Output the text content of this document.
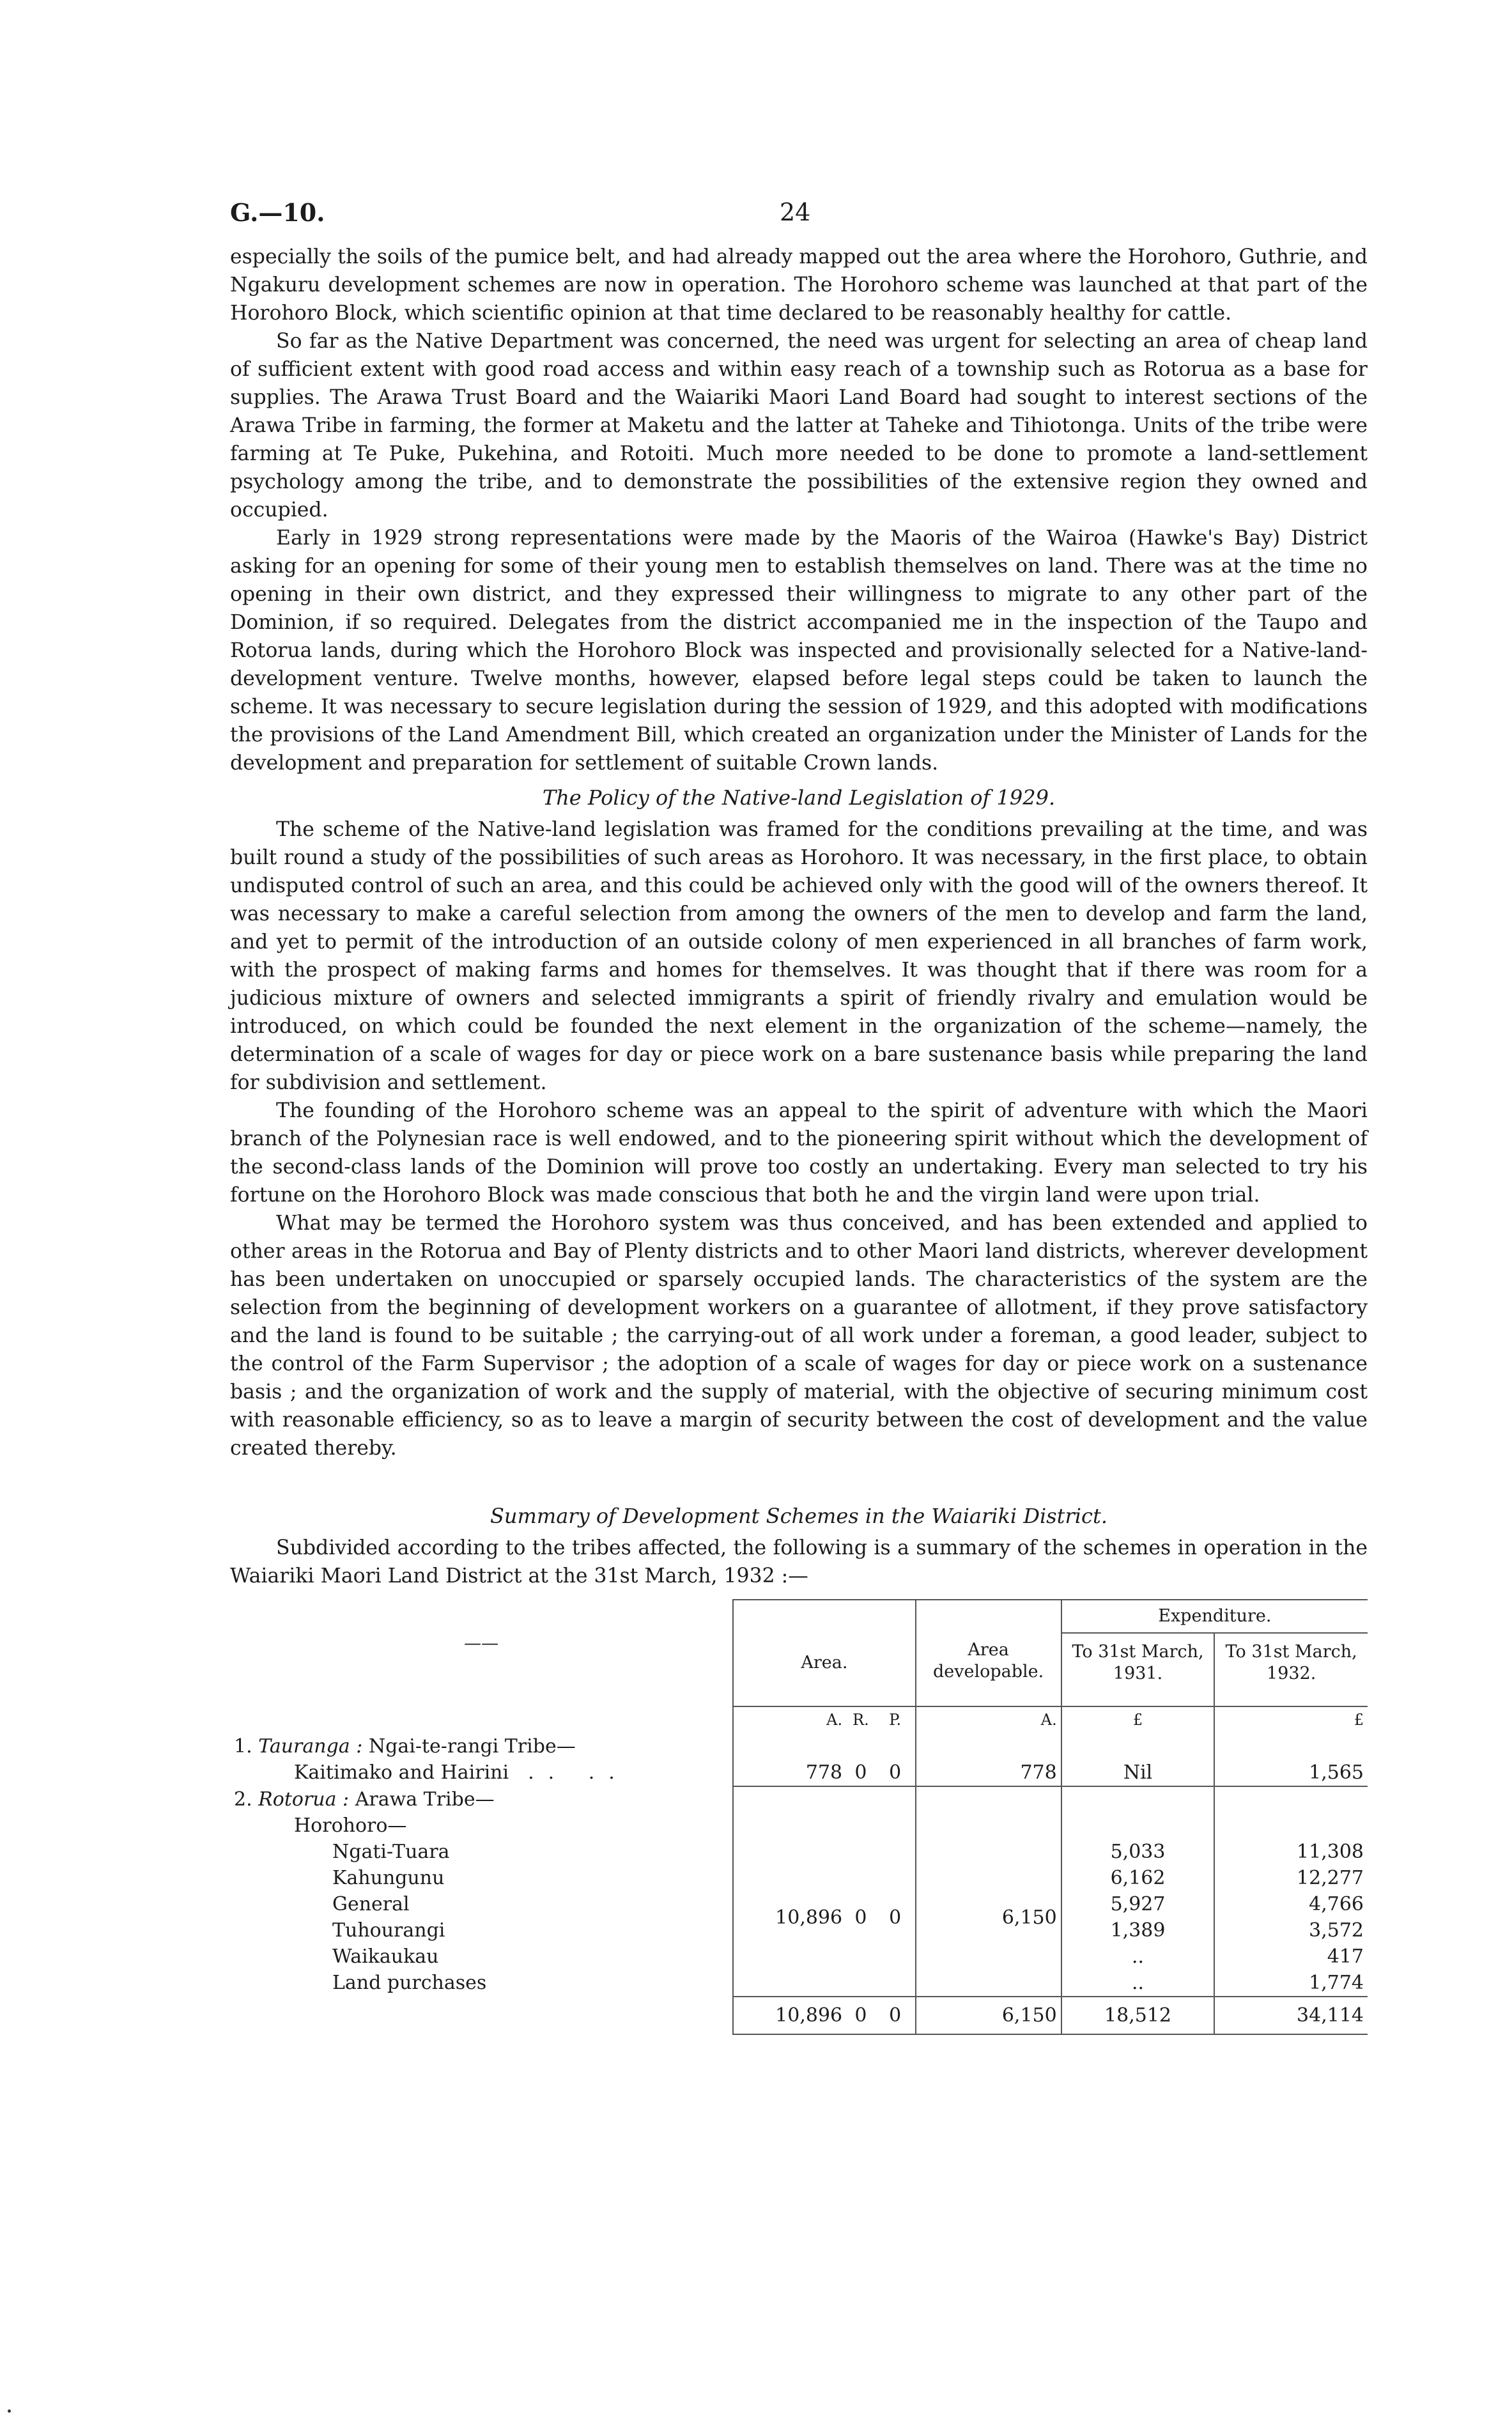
G.—10.	24

especially the soils of the pumice belt, and had already mapped out the area where the Horohoro, Guthrie, and Ngakuru development schemes are now in operation. The Horohoro scheme was launched at that part of the Horohoro Block, which scientific opinion at that time declared to be reasonably healthy for cattle.

So far as the Native Department was concerned, the need was urgent for selecting an area of cheap land of sufficient extent with good road access and within easy reach of a township such as Rotorua as a base for supplies. The Arawa Trust Board and the Waiariki Maori Land Board had sought to interest sections of the Arawa Tribe in farming, the former at Maketu and the latter at Taheke and Tihiotonga. Units of the tribe were farming at Te Puke, Pukehina, and Rotoiti. Much more needed to be done to promote a land-settlement psychology among the tribe, and to demonstrate the possibilities of the extensive region they owned and occupied.

Early in 1929 strong representations were made by the Maoris of the Wairoa (Hawke's Bay) District asking for an opening for some of their young men to establish themselves on land. There was at the time no opening in their own district, and they expressed their willingness to migrate to any other part of the Dominion, if so required. Delegates from the district accompanied me in the inspection of the Taupo and Rotorua lands, during which the Horohoro Block was inspected and provisionally selected for a Native-land-development venture. Twelve months, however, elapsed before legal steps could be taken to launch the scheme. It was necessary to secure legislation during the session of 1929, and this adopted with modifications the provisions of the Land Amendment Bill, which created an organization under the Minister of Lands for the development and preparation for settlement of suitable Crown lands.

The Policy of the Native-land Legislation of 1929.

The scheme of the Native-land legislation was framed for the conditions prevailing at the time, and was built round a study of the possibilities of such areas as Horohoro. It was necessary, in the first place, to obtain undisputed control of such an area, and this could be achieved only with the good will of the owners thereof. It was necessary to make a careful selection from among the owners of the men to develop and farm the land, and yet to permit of the introduction of an outside colony of men experienced in all branches of farm work, with the prospect of making farms and homes for themselves. It was thought that if there was room for a judicious mixture of owners and selected immigrants a spirit of friendly rivalry and emulation would be introduced, on which could be founded the next element in the organization of the scheme—namely, the determination of a scale of wages for day or piece work on a bare sustenance basis while preparing the land for subdivision and settlement.

The founding of the Horohoro scheme was an appeal to the spirit of adventure with which the Maori branch of the Polynesian race is well endowed, and to the pioneering spirit without which the development of the second-class lands of the Dominion will prove too costly an undertaking. Every man selected to try his fortune on the Horohoro Block was made conscious that both he and the virgin land were upon trial.

What may be termed the Horohoro system was thus conceived, and has been extended and applied to other areas in the Rotorua and Bay of Plenty districts and to other Maori land districts, wherever development has been undertaken on unoccupied or sparsely occupied lands. The characteristics of the system are the selection from the beginning of development workers on a guarantee of allotment, if they prove satisfactory and the land is found to be suitable ; the carrying-out of all work under a foreman, a good leader, subject to the control of the Farm Supervisor ; the adoption of a scale of wages for day or piece work on a sustenance basis ; and the organization of work and the supply of material, with the objective of securing minimum cost with reasonable efficiency, so as to leave a margin of security between the cost of development and the value created thereby.

Summary of Development Schemes in the Waiariki District.

Subdivided according to the tribes affected, the following is a summary of the schemes in operation in the Waiariki Maori Land District at the 31st March, 1932 :—

					Expenditure.	
——	Area.			Area developable.	To 31st March, 1931.	To 31st March, 1932.

	A.	R.	P.	A.	£	£
1. Tauranga : Ngai-te-rangi Tribe—						
Kaitimako and Hairini .. ..	778	0	0	778	Nil	1,565
2. Rotorua : Arawa Tribe—						
Horohoro—						
Ngati-Tuara	10,896	0	0	6,150	5,033	11,308
Kahungunu					6,162	12,277
General					5,927	4,766
Tuhourangi					1,389	3,572
Waikaukau					..	417
Land purchases					..	1,774
	10,896	0	0	6,150	18,512	34,114
